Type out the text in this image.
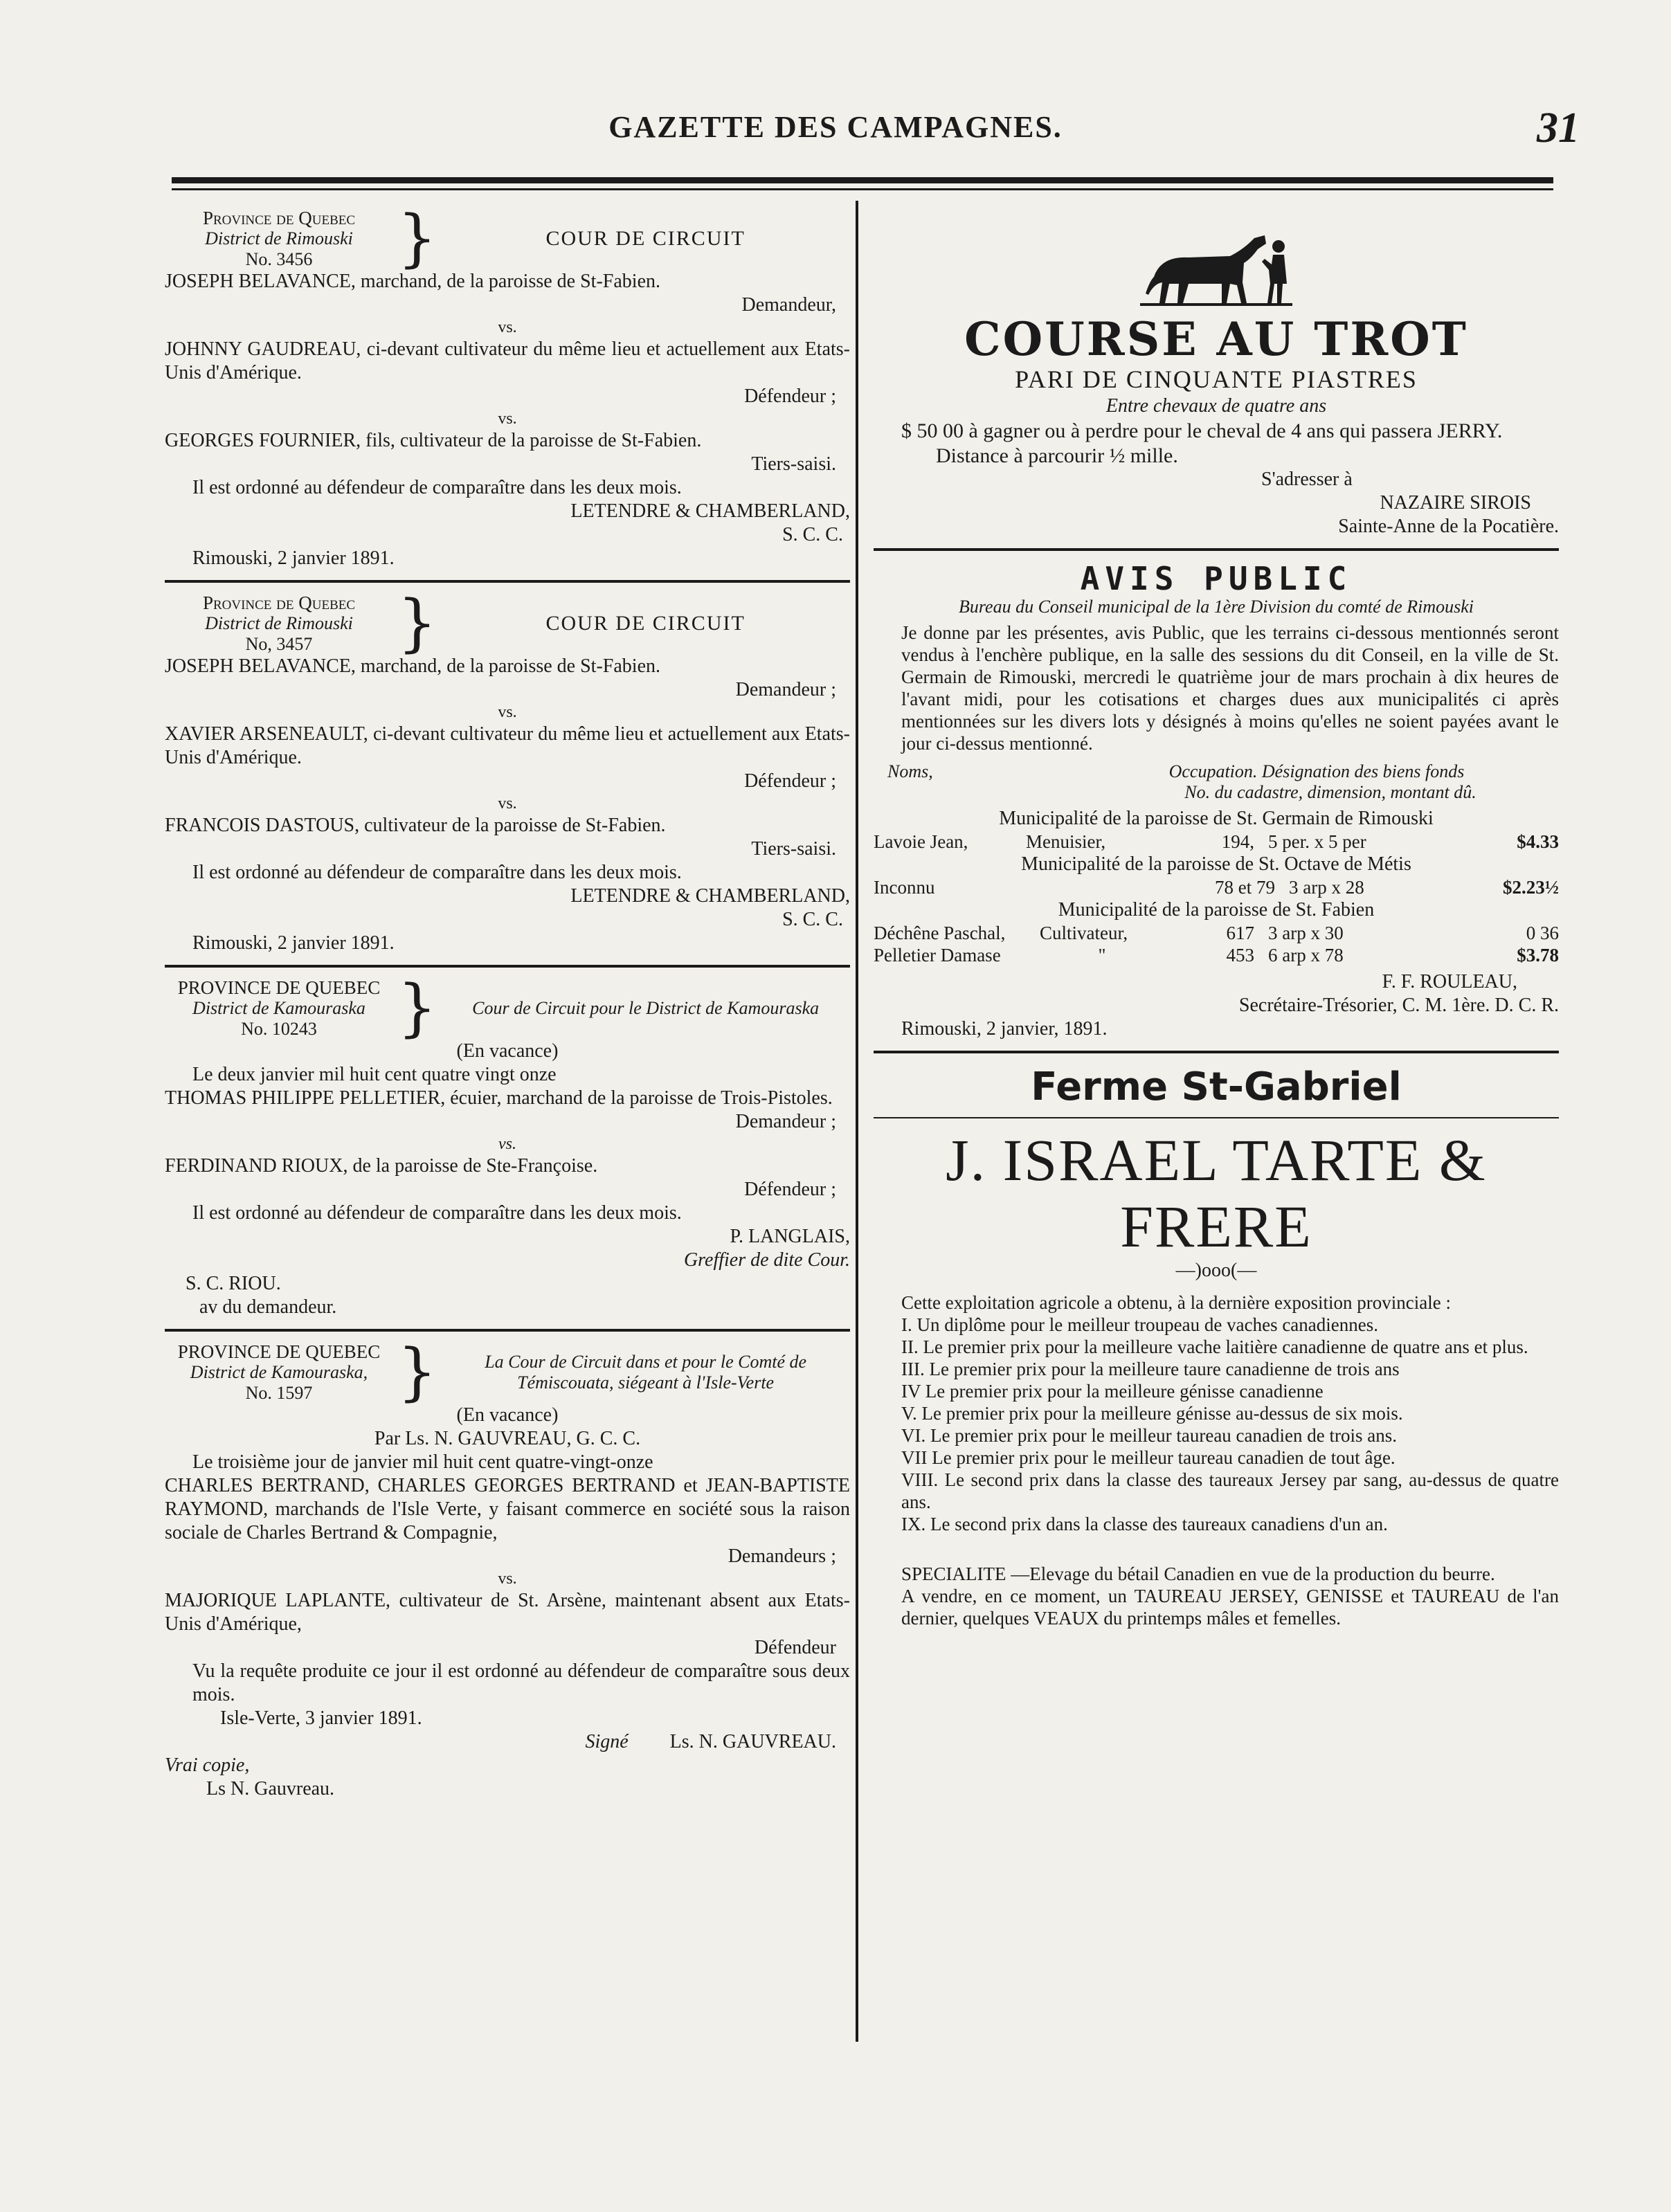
GAZETTE DES CAMPAGNES.	31
Province de Quebec
District de Rimouski
No. 3456	}	COUR DE CIRCUIT
JOSEPH BELAVANCE, marchand, de la paroisse de St-Fabien.
Demandeur,
vs.
JOHNNY GAUDREAU, ci-devant cultivateur du même lieu et actuellement aux Etats-Unis d'Amérique.
Défendeur ;
vs.
GEORGES FOURNIER, fils, cultivateur de la paroisse de St-Fabien.
Tiers-saisi.
Il est ordonné au défendeur de comparaître dans les deux mois.
LETENDRE & CHAMBERLAND,
S. C. C.
Rimouski, 2 janvier 1891.
Province de Quebec
District de Rimouski
No, 3457	}	COUR DE CIRCUIT
JOSEPH BELAVANCE, marchand, de la paroisse de St-Fabien.
Demandeur ;
vs.
XAVIER ARSENEAULT, ci-devant cultivateur du même lieu et actuellement aux Etats-Unis d'Amérique.
Défendeur ;
vs.
FRANCOIS DASTOUS, cultivateur de la paroisse de St-Fabien.
Tiers-saisi.
Il est ordonné au défendeur de comparaître dans les deux mois.
LETENDRE & CHAMBERLAND,
S. C. C.
Rimouski, 2 janvier 1891.
PROVINCE DE QUEBEC
District de Kamouraska
No. 10243	}	Cour de Circuit pour le District de Kamouraska
(En vacance)
Le deux janvier mil huit cent quatre vingt onze
THOMAS PHILIPPE PELLETIER, écuier, marchand de la paroisse de Trois-Pistoles.
Demandeur ;
vs.
FERDINAND RIOUX, de la paroisse de Ste-Françoise.
Défendeur ;
Il est ordonné au défendeur de comparaître dans les deux mois.
P. LANGLAIS,
Greffier de dite Cour.
S. C. RIOU.
av du demandeur.
PROVINCE DE QUEBEC
District de Kamouraska,
No. 1597	}	La Cour de Circuit dans et pour le Comté de Témiscouata, siégeant à l'Isle-Verte
(En vacance)
Par Ls. N. GAUVREAU, G. C. C.
Le troisième jour de janvier mil huit cent quatre-vingt-onze
CHARLES BERTRAND, CHARLES GEORGES BERTRAND et JEAN-BAPTISTE RAYMOND, marchands de l'Isle Verte, y faisant commerce en société sous la raison sociale de Charles Bertrand & Compagnie,
Demandeurs ;
vs.
MAJORIQUE LAPLANTE, cultivateur de St. Arsène, maintenant absent aux Etats-Unis d'Amérique,
Défendeur
Vu la requête produite ce jour il est ordonné au défendeur de comparaître sous deux mois.
Isle-Verte, 3 janvier 1891.
Signé Ls. N. GAUVREAU.
Vrai copie,
Ls N. Gauvreau.
COURSE AU TROT
PARI DE CINQUANTE PIASTRES
Entre chevaux de quatre ans
$ 50 00 à gagner ou à perdre pour le cheval de 4 ans qui passera JERRY.
Distance à parcourir ½ mille.
S'adresser à
NAZAIRE SIROIS
Sainte-Anne de la Pocatière.
AVIS PUBLIC
Bureau du Conseil municipal de la 1ère Division du comté de Rimouski
Je donne par les présentes, avis Public, que les terrains ci-dessous mentionnés seront vendus à l'enchère publique, en la salle des sessions du dit Conseil, en la ville de St. Germain de Rimouski, mercredi le quatrième jour de mars prochain à dix heures de l'avant midi, pour les cotisations et charges dues aux municipalités ci après mentionnées sur les divers lots y désignés à moins qu'elles ne soient payées avant le jour ci-dessus mentionné.
Noms,	Occupation. Désignation des biens fonds
No. du cadastre, dimension, montant dû.
Municipalité de la paroisse de St. Germain de Rimouski
Lavoie Jean,	Menuisier,	194, 5 per. x 5 per	$4.33
Municipalité de la paroisse de St. Octave de Métis
Inconnu	78 et 79 3 arp x 28	$2.23½
Municipalité de la paroisse de St. Fabien
Déchêne Paschal,	Cultivateur,	617 3 arp x 30	0 36
Pelletier Damase	"	453 6 arp x 78	$3.78
F. F. ROULEAU,
Secrétaire-Trésorier, C. M. 1ère. D. C. R.
Rimouski, 2 janvier, 1891.
Ferme St-Gabriel
J. ISRAEL TARTE & FRERE
—)ooo(—
Cette exploitation agricole a obtenu, à la dernière exposition provinciale :
I. Un diplôme pour le meilleur troupeau de vaches canadiennes.
II. Le premier prix pour la meilleure vache laitière canadienne de quatre ans et plus.
III. Le premier prix pour la meilleure taure canadienne de trois ans
IV Le premier prix pour la meilleure génisse canadienne
V. Le premier prix pour la meilleure génisse au-dessus de six mois.
VI. Le premier prix pour le meilleur taureau canadien de trois ans.
VII Le premier prix pour le meilleur taureau canadien de tout âge.
VIII. Le second prix dans la classe des taureaux Jersey par sang, au-dessus de quatre ans.
IX. Le second prix dans la classe des taureaux canadiens d'un an.
SPECIALITE —Elevage du bétail Canadien en vue de la production du beurre.
A vendre, en ce moment, un TAUREAU JERSEY, GENISSE et TAUREAU de l'an dernier, quelques VEAUX du printemps mâles et femelles.
